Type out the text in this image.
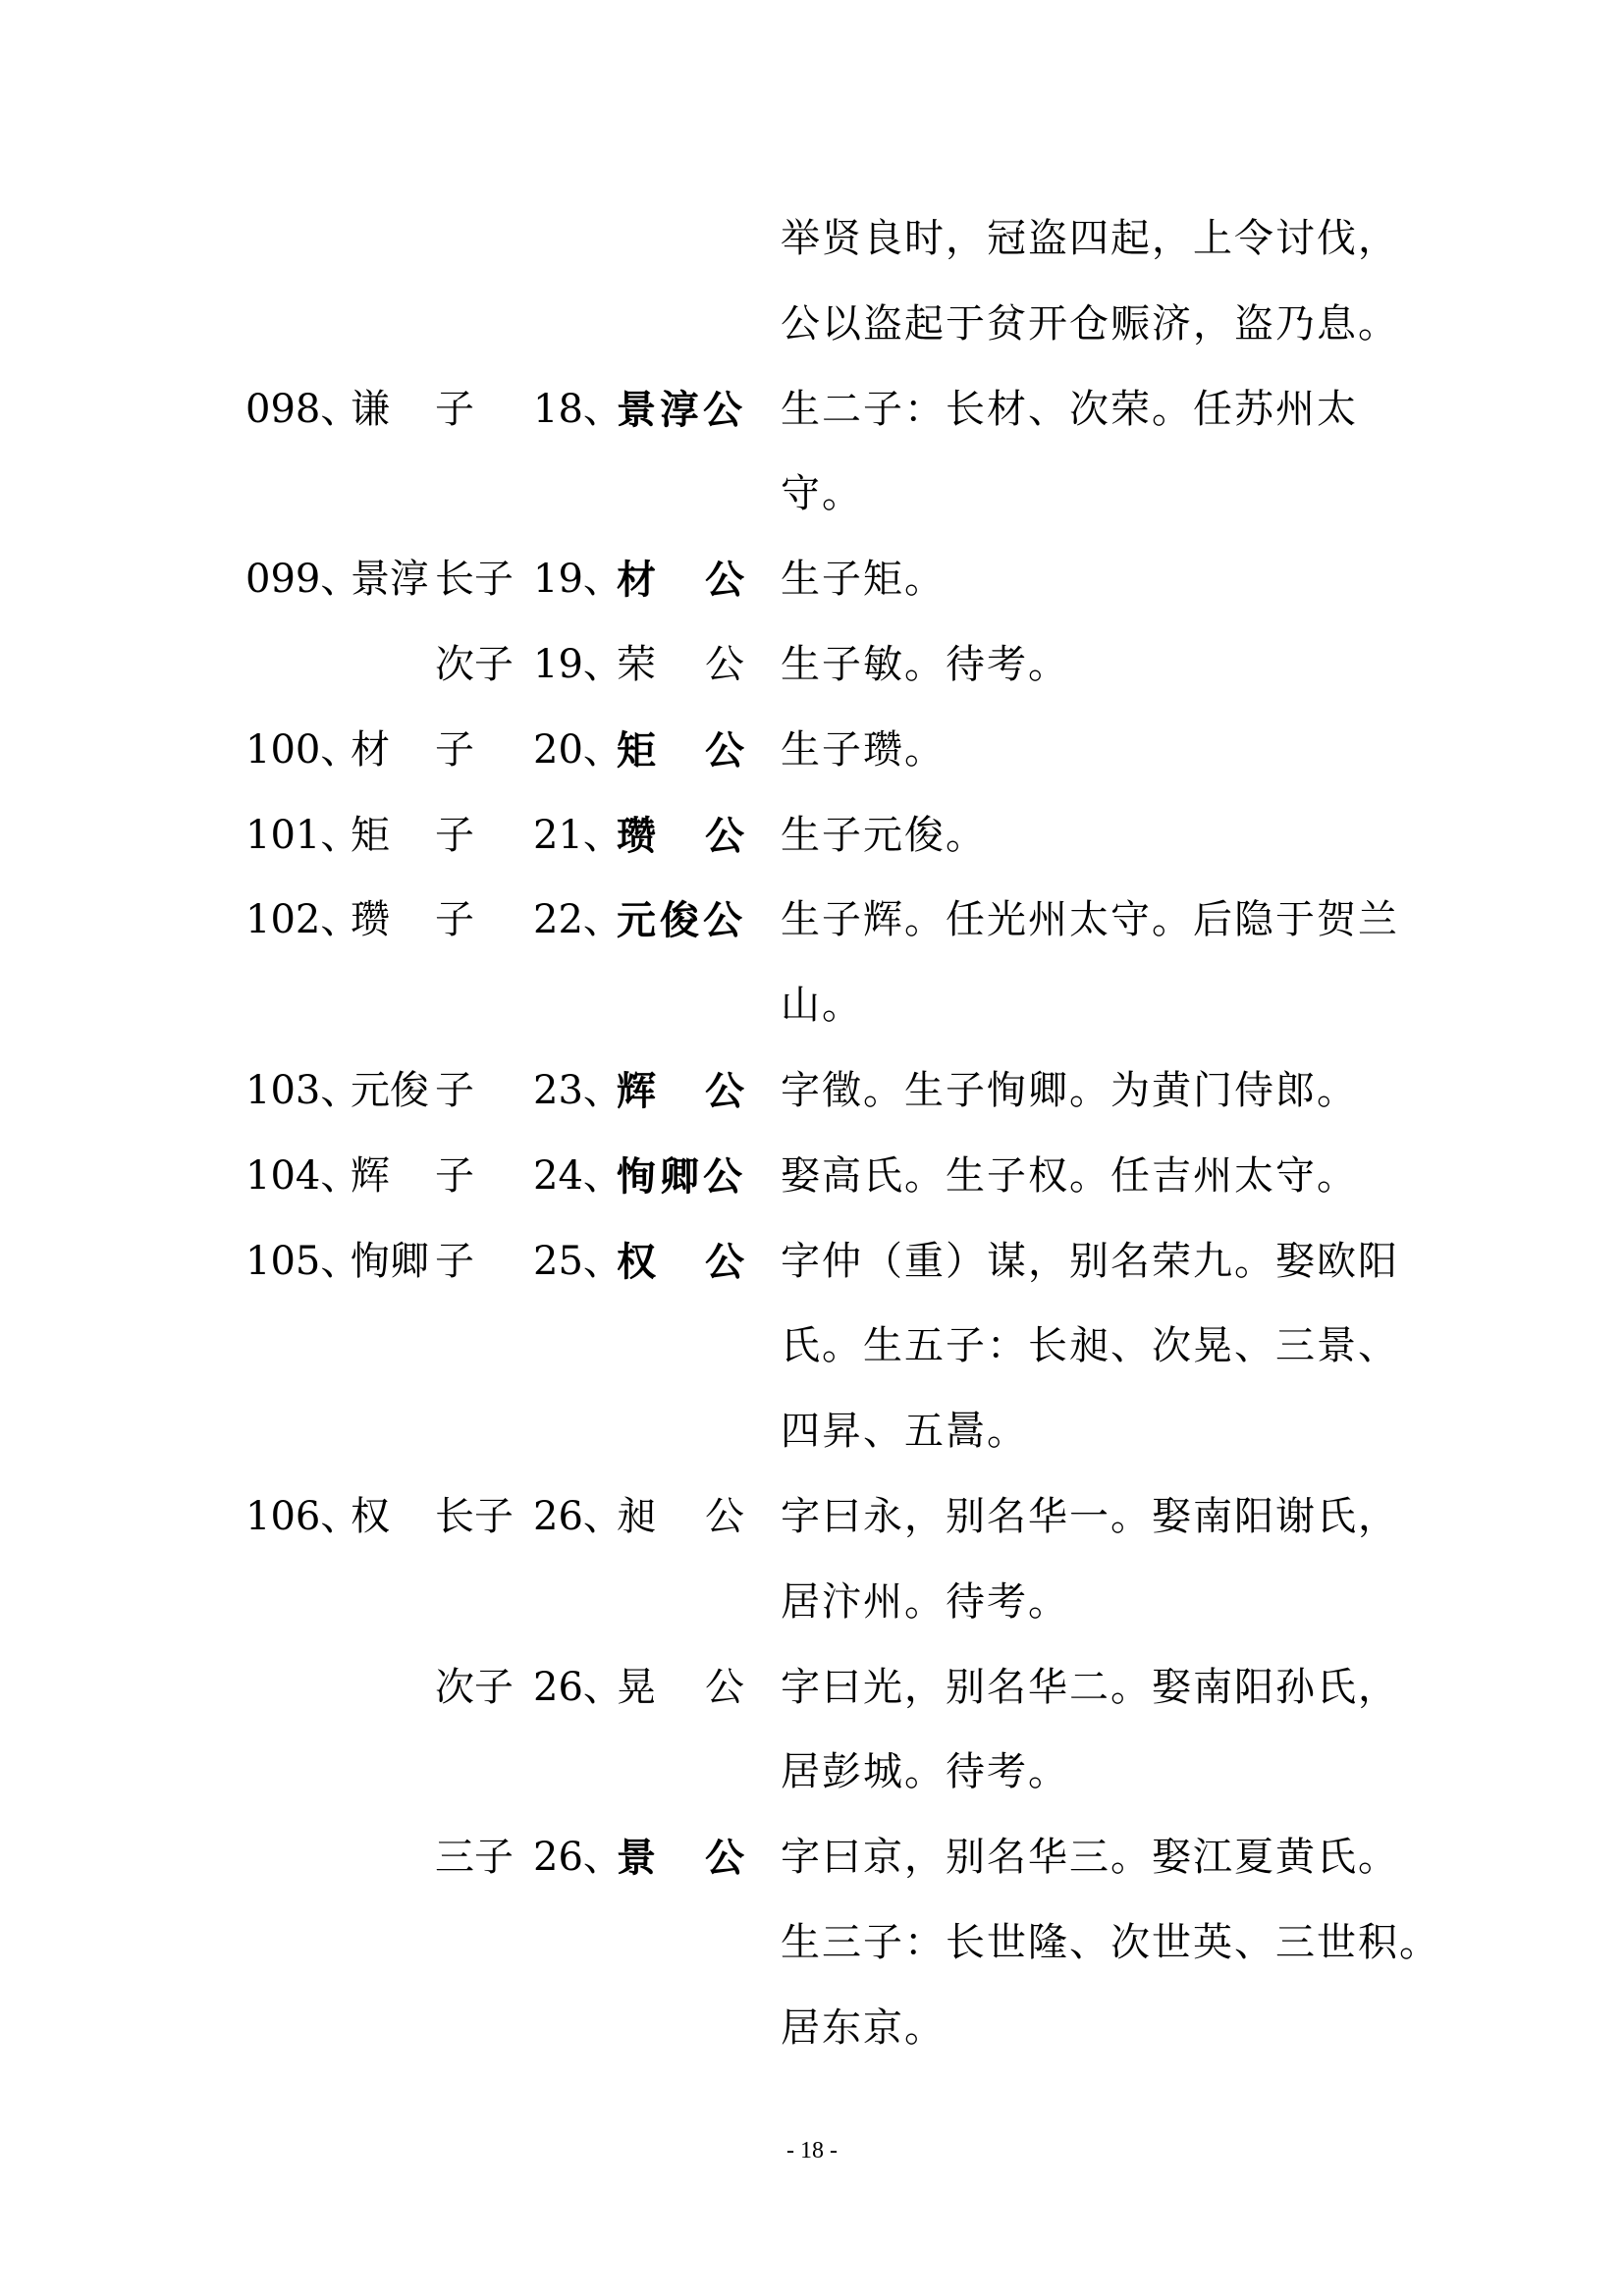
举贤良时，冠盗四起，上令讨伐，
公以盗起于贫开仓赈济，盗乃息。
098、
谦 子 18、
景淳公 生二子：长材、次荣。任苏州太
守。
099、
景淳 长子 19、
材 公 生子矩。
次子 19、
荣 公 生子敏。待考。
100、
材 子 20、
矩 公 生子瓒。
101、
矩 子 21、
瓒 公 生子元俊。
102、
瓒 子 22、
元俊公 生子辉。任光州太守。后隐于贺兰
山。
103、
元俊 子 23、
辉 公 字徵。生子恂卿。为黄门侍郎。
104、
辉 子 24、
恂卿公 娶高氏。生子权。任吉州太守。
105、
恂卿 子 25、
权 公 字仲（重）谋，别名荣九。娶欧阳
氏。生五子：长昶、次晃、三景、
四昇、五暠。
106、
权 长子 26、
昶 公 字曰永，别名华一。娶南阳谢氏，
居汴州。待考。
次子 26、
晃 公 字曰光，别名华二。娶南阳孙氏，
居彭城。待考。
三子 26、
景 公 字曰京，别名华三。娶江夏黄氏。
生三子：长世隆、次世英、三世积。
居东京。
- 18 -
